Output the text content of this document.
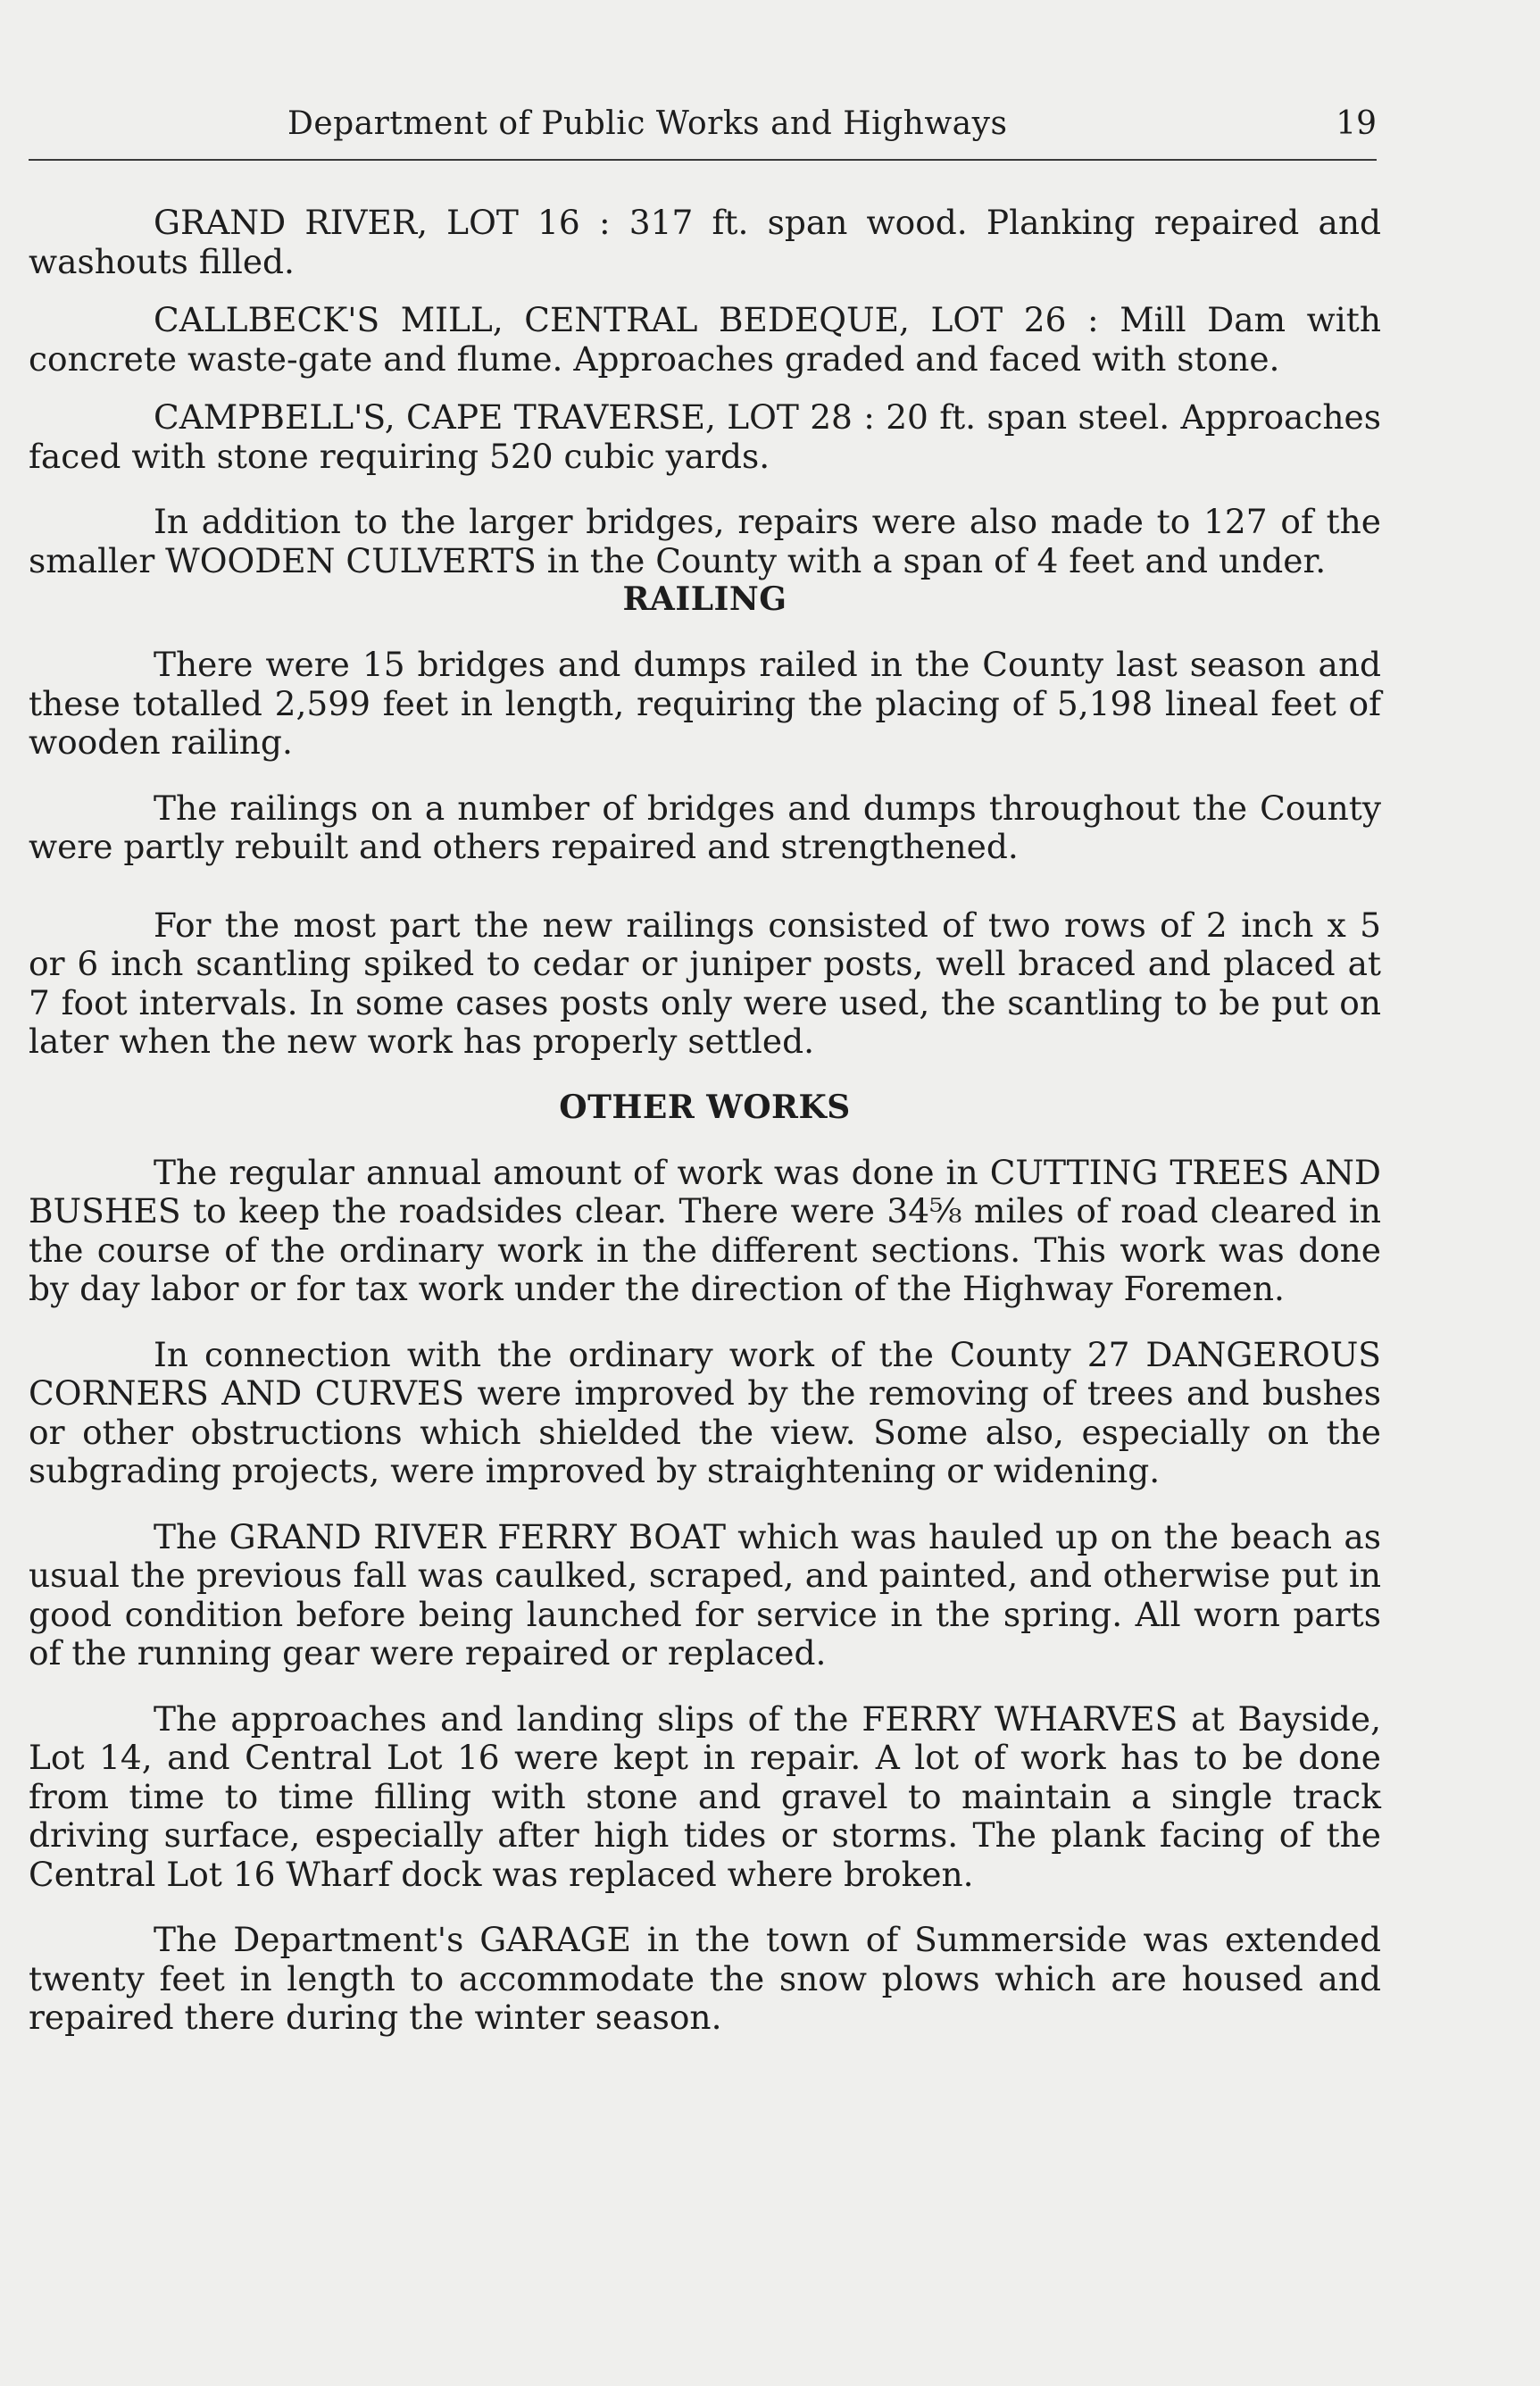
Department of Public Works and Highways	19

GRAND RIVER, LOT 16 : 317 ft. span wood. Planking repaired and washouts filled.

CALLBECK'S MILL, CENTRAL BEDEQUE, LOT 26 : Mill Dam with concrete waste-gate and flume. Approaches graded and faced with stone.

CAMPBELL'S, CAPE TRAVERSE, LOT 28 : 20 ft. span steel. Approaches faced with stone requiring 520 cubic yards.

In addition to the larger bridges, repairs were also made to 127 of the smaller WOODEN CULVERTS in the County with a span of 4 feet and under.

RAILING

There were 15 bridges and dumps railed in the County last season and these totalled 2,599 feet in length, requiring the placing of 5,198 lineal feet of wooden railing.

The railings on a number of bridges and dumps throughout the County were partly rebuilt and others repaired and strengthened.

For the most part the new railings consisted of two rows of 2 inch x 5 or 6 inch scantling spiked to cedar or juniper posts, well braced and placed at 7 foot intervals. In some cases posts only were used, the scantling to be put on later when the new work has properly settled.

OTHER WORKS

The regular annual amount of work was done in CUTTING TREES AND BUSHES to keep the roadsides clear. There were 34⅝ miles of road cleared in the course of the ordinary work in the different sections. This work was done by day labor or for tax work under the direction of the Highway Foremen.

In connection with the ordinary work of the County 27 DANGEROUS CORNERS AND CURVES were improved by the removing of trees and bushes or other obstructions which shielded the view. Some also, especially on the subgrading projects, were improved by straightening or widening.

The GRAND RIVER FERRY BOAT which was hauled up on the beach as usual the previous fall was caulked, scraped, and painted, and otherwise put in good condition before being launched for service in the spring. All worn parts of the running gear were repaired or replaced.

The approaches and landing slips of the FERRY WHARVES at Bayside, Lot 14, and Central Lot 16 were kept in repair. A lot of work has to be done from time to time filling with stone and gravel to maintain a single track driving surface, especially after high tides or storms. The plank facing of the Central Lot 16 Wharf dock was replaced where broken.

The Department's GARAGE in the town of Summerside was extended twenty feet in length to accommodate the snow plows which are housed and repaired there during the winter season.
